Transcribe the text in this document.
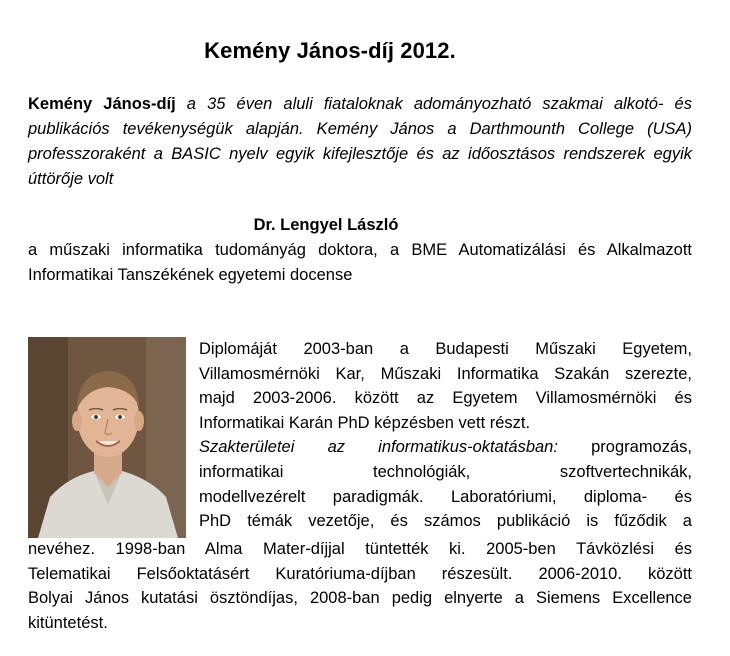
Kemény János-díj 2012.
Kemény János-díj a 35 éven aluli fiataloknak adományozható szakmai alkotó- és publikációs tevékenységük alapján. Kemény János a Darthmounth College (USA) professzoraként a BASIC nyelv egyik kifejlesztője és az időosztásos rendszerek egyik úttörője volt
Dr. Lengyel László
a műszaki informatika tudományág doktora, a BME Automatizálási és Alkalmazott Informatikai Tanszékének egyetemi docense
Diplomáját 2003-ban a Budapesti Műszaki Egyetem,
Villamosmérnöki Kar, Műszaki Informatika Szakán szerezte,
majd 2003-2006. között az Egyetem Villamosmérnöki és
Informatikai Karán PhD képzésben vett részt.
Szakterületei az informatikus-oktatásban: programozás,
informatikai technológiák, szoftvertechnikák,
modellvezérelt paradigmák. Laboratóriumi, diploma- és
PhD témák vezetője, és számos publikáció is fűződik a
nevéhez. 1998-ban Alma Mater-díjjal tüntették ki. 2005-ben Távközlési és
Telematikai Felsőoktatásért Kuratóriuma-díjban részesült. 2006-2010. között
Bolyai János kutatási ösztöndíjas, 2008-ban pedig elnyerte a Siemens Excellence
kitüntetést.
